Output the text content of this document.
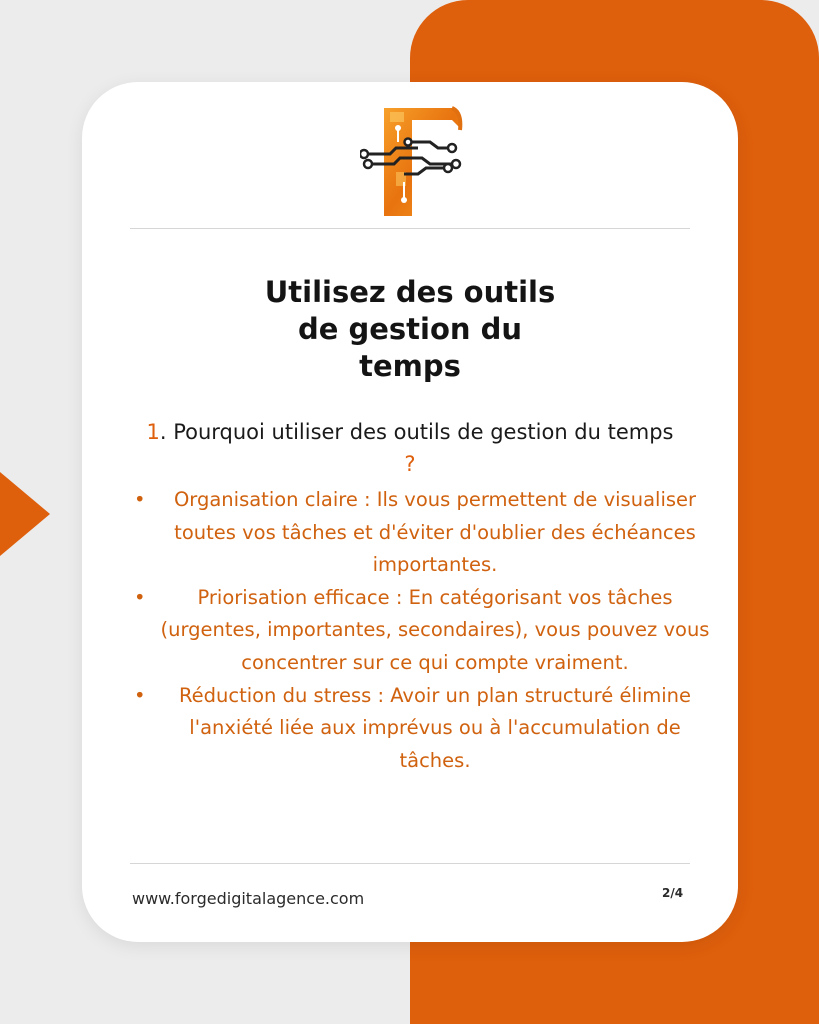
Utilisez des outils
de gestion du
temps
1. Pourquoi utiliser des outils de gestion du temps
?
• Organisation claire : Ils vous permettent de visualiser toutes vos tâches et d'éviter d'oublier des échéances importantes.
•	Priorisation efficace : En catégorisant vos tâches (urgentes, importantes, secondaires), vous pouvez vous concentrer sur ce qui compte vraiment.
• Réduction du stress : Avoir un plan structuré élimine l'anxiété liée aux imprévus ou à l'accumulation de tâches.
www.forgedigitalagence.com	2/4
